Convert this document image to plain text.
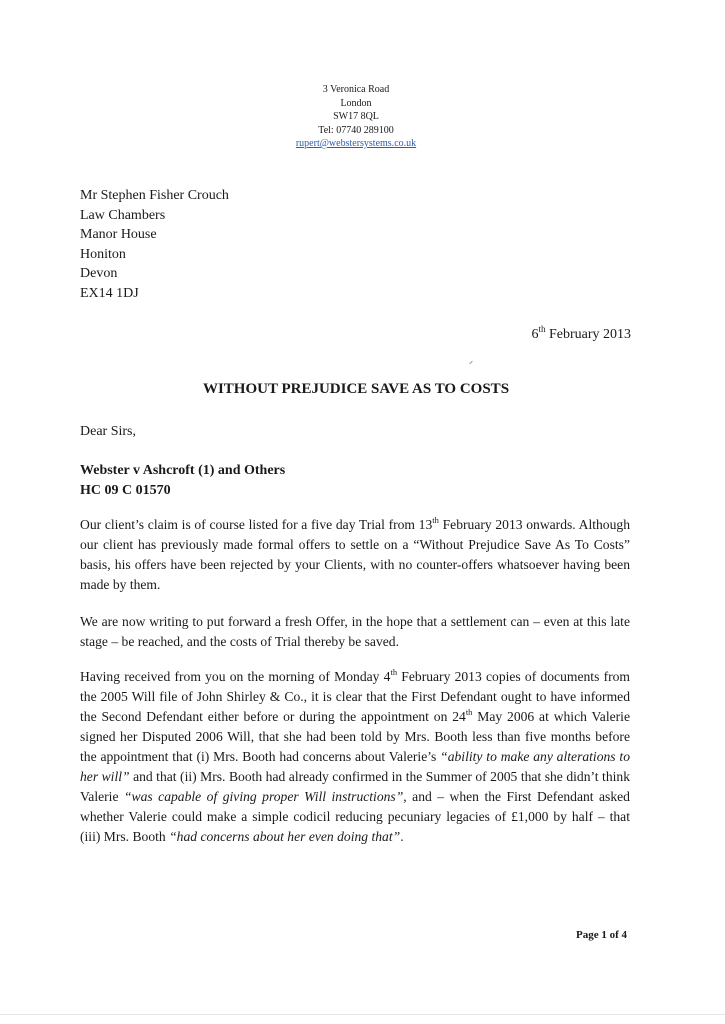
3 Veronica Road
London
SW17 8QL
Tel: 07740 289100
rupert@webstersystems.co.uk
Mr Stephen Fisher Crouch
Law Chambers
Manor House
Honiton
Devon
EX14 1DJ
6th February 2013
WITHOUT PREJUDICE SAVE AS TO COSTS
Dear Sirs,
Webster v Ashcroft (1) and Others
HC 09 C 01570

Our client’s claim is of course listed for a five day Trial from 13th February 2013 onwards. Although our client has previously made formal offers to settle on a “Without Prejudice Save As To Costs” basis, his offers have been rejected by your Clients, with no counter-offers whatsoever having been made by them.

We are now writing to put forward a fresh Offer, in the hope that a settlement can – even at this late stage – be reached, and the costs of Trial thereby be saved.

Having received from you on the morning of Monday 4th February 2013 copies of documents from the 2005 Will file of John Shirley & Co., it is clear that the First Defendant ought to have informed the Second Defendant either before or during the appointment on 24th May 2006 at which Valerie signed her Disputed 2006 Will, that she had been told by Mrs. Booth less than five months before the appointment that (i) Mrs. Booth had concerns about Valerie’s “ability to make any alterations to her will” and that (ii) Mrs. Booth had already confirmed in the Summer of 2005 that she didn’t think Valerie “was capable of giving proper Will instructions”, and – when the First Defendant asked whether Valerie could make a simple codicil reducing pecuniary legacies of £1,000 by half – that (iii) Mrs. Booth “had concerns about her even doing that”.

Page 1 of 4
